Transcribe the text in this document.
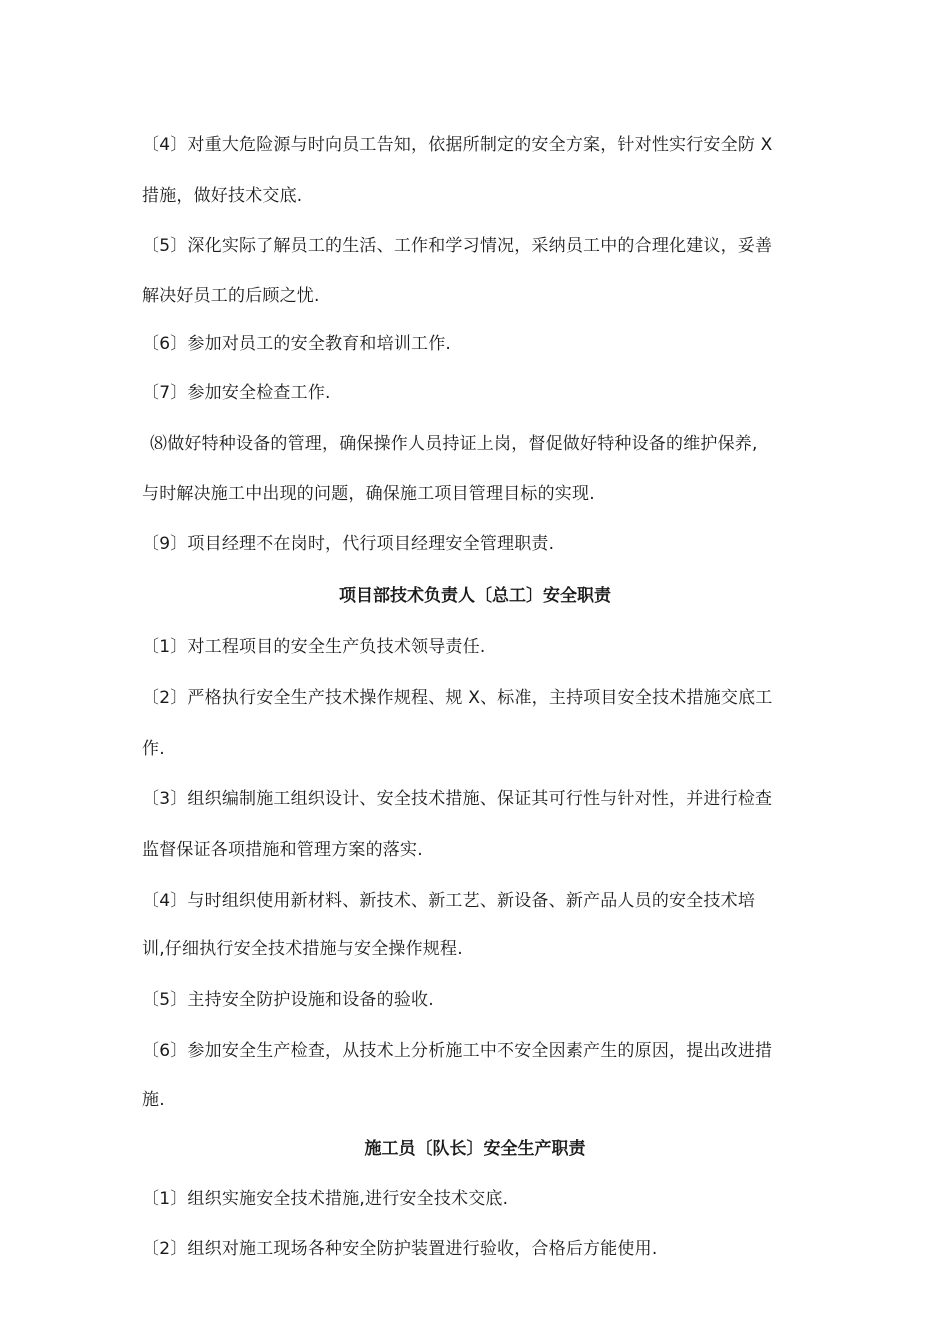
〔4〕对重大危险源与时向员工告知，依据所制定的安全方案，针对性实行安全防 X
措施，做好技术交底.
〔5〕深化实际了解员工的生活、工作和学习情况，采纳员工中的合理化建议，妥善
解决好员工的后顾之忧.
〔6〕参加对员工的安全教育和培训工作.
〔7〕参加安全检查工作.
⑻做好特种设备的管理，确保操作人员持证上岗，督促做好特种设备的维护保养,
与时解决施工中出现的问题，确保施工项目管理目标的实现.
〔9〕项目经理不在岗时，代行项目经理安全管理职责.
项目部技术负责人〔总工〕安全职责
〔1〕对工程项目的安全生产负技术领导责任.
〔2〕严格执行安全生产技术操作规程、规 X、标准，主持项目安全技术措施交底工
作.
〔3〕组织编制施工组织设计、安全技术措施、保证其可行性与针对性，并进行检查
监督保证各项措施和管理方案的落实.
〔4〕与时组织使用新材料、新技术、新工艺、新设备、新产品人员的安全技术培
训,仔细执行安全技术措施与安全操作规程.
〔5〕主持安全防护设施和设备的验收.
〔6〕参加安全生产检查，从技术上分析施工中不安全因素产生的原因，提出改进措
施.
施工员〔队长〕安全生产职责
〔1〕组织实施安全技术措施,进行安全技术交底.
〔2〕组织对施工现场各种安全防护装置进行验收，合格后方能使用.
